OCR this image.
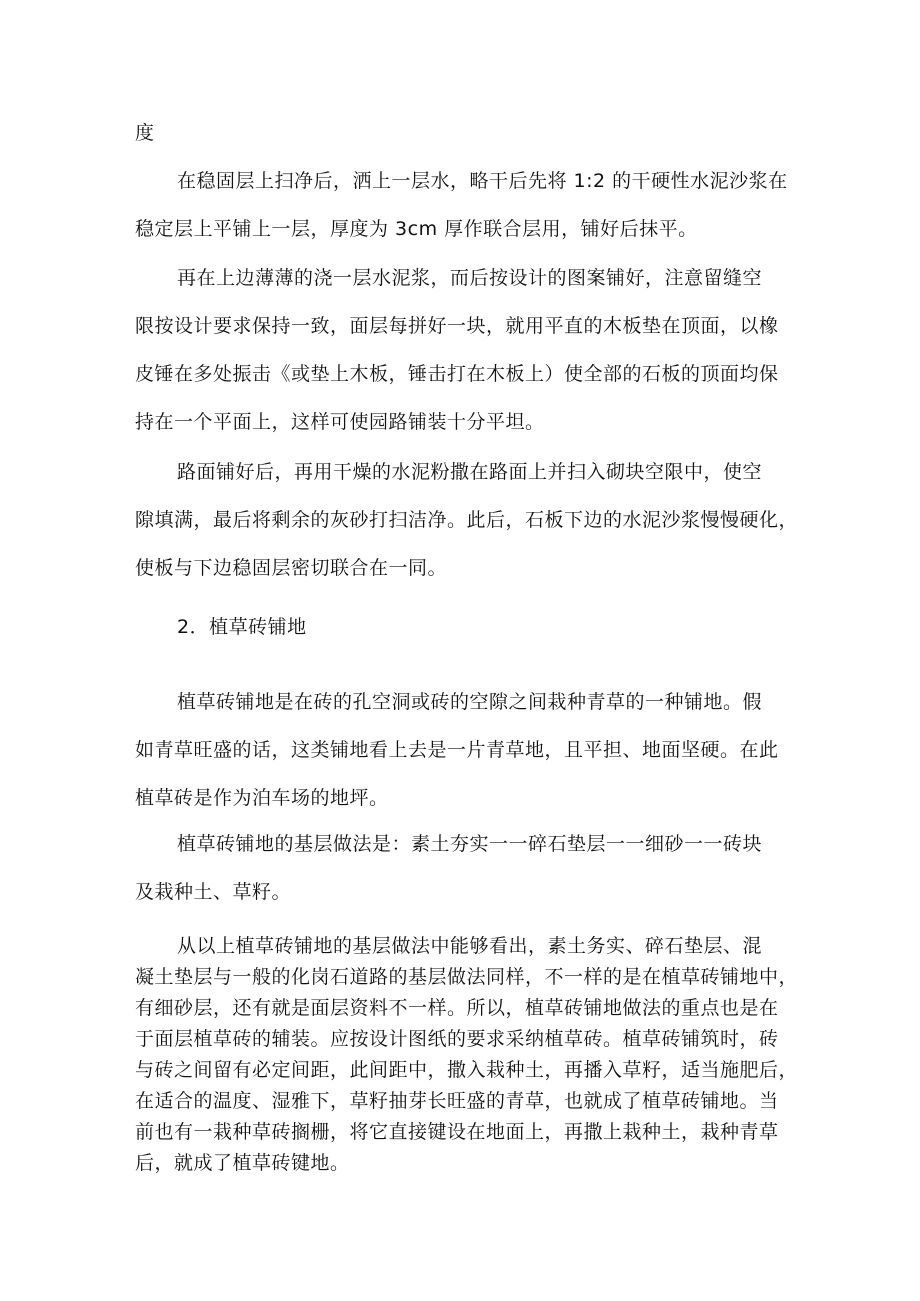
度
在稳固层上扫净后，洒上一层水，略干后先将 1:2 的干硬性水泥沙浆在
稳定层上平铺上一层，厚度为 3cm 厚作联合层用，铺好后抹平。
再在上边薄薄的浇一层水泥浆，而后按设计的图案铺好，注意留缝空
限按设计要求保持一致，面层每拼好一块，就用平直的木板垫在顶面，以橡
皮锤在多处振击《或垫上木板，锤击打在木板上）使全部的石板的顶面均保
持在一个平面上，这样可使园路铺装十分平坦。
路面铺好后，再用干燥的水泥粉撒在路面上并扫入砌块空限中，使空
隙填满，最后将剩余的灰砂打扫洁净。此后，石板下边的水泥沙浆慢慢硬化，
使板与下边稳固层密切联合在一同。
2．植草砖铺地
植草砖铺地是在砖的孔空洞或砖的空隙之间栽种青草的一种铺地。假
如青草旺盛的话，这类铺地看上去是一片青草地，且平担、地面坚硬。在此
植草砖是作为泊车场的地坪。
植草砖铺地的基层做法是：素土夯实一一碎石垫层一一细砂一一砖块
及栽种土、草籽。
从以上植草砖铺地的基层做法中能够看出，素土务实、碎石垫层、混
凝土垫层与一般的化岗石道路的基层做法同样，不一样的是在植草砖铺地中，
有细砂层，还有就是面层资料不一样。所以，植草砖铺地做法的重点也是在
于面层植草砖的辅装。应按设计图纸的要求采纳植草砖。植草砖铺筑时，砖
与砖之间留有必定间距，此间距中，撒入栽种土，再播入草籽，适当施肥后，
在适合的温度、湿雅下，草籽抽芽长旺盛的青草，也就成了植草砖铺地。当
前也有一栽种草砖搁栅，将它直接键设在地面上，再撒上栽种土，栽种青草
后，就成了植草砖键地。
